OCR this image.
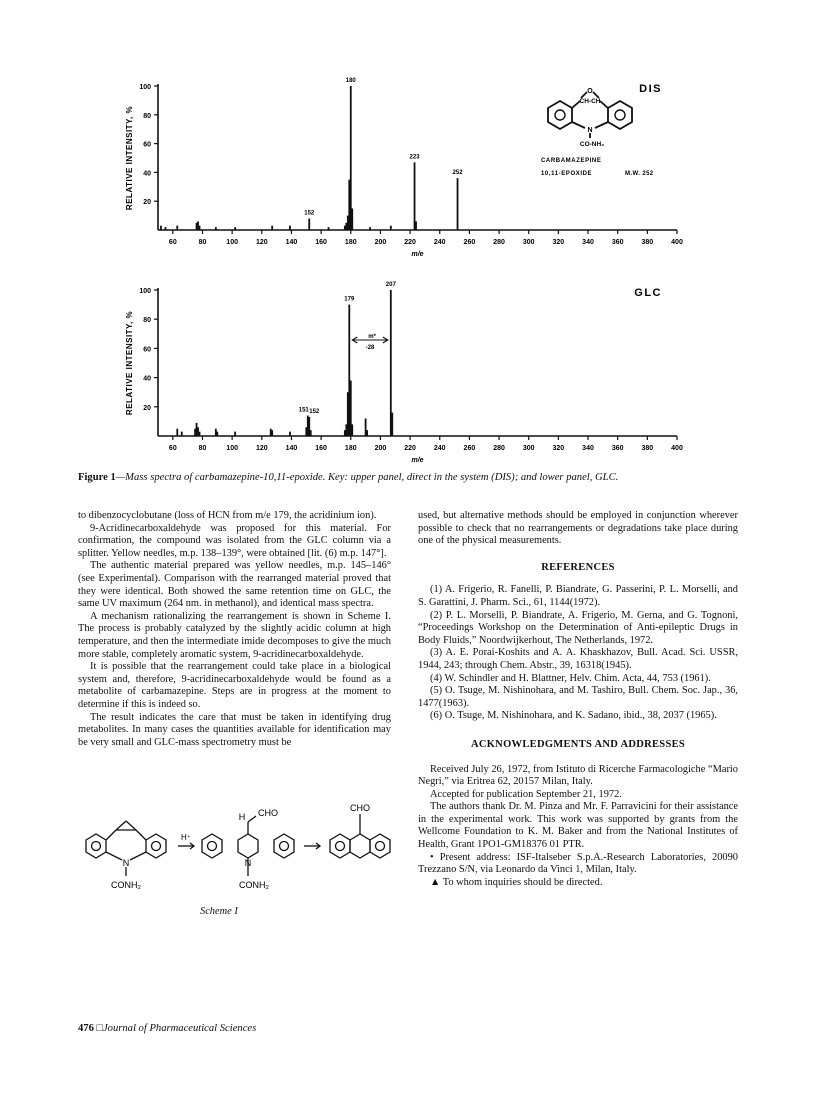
20
40
60
80
100
60	80	100	120	140	160	180	200	220	240	260	280	300	320	340	360	380	400
m/e
RELATIVE INTENSITY, %
DIS
152
180
223
252
20
40
60
80
100
60	80	100	120	140	160	180	200	220	240	260	280	300	320	340	360	380	400
m/e
RELATIVE INTENSITY, %
GLC
151 152
179
207
m*
-28
O
CH-CH
N
CO-NH₂
CARBAMAZEPINE
10,11-EPOXIDE	M.W. 252
Figure 1—Mass spectra of carbamazepine-10,11-epoxide. Key: upper panel, direct in the system (DIS); and lower panel, GLC.

to dibenzocyclobutane (loss of HCN from m/e 179, the acridinium ion).

9-Acridinecarboxaldehyde was proposed for this material. For confirmation, the compound was isolated from the GLC column via a splitter. Yellow needles, m.p. 138–139°, were obtained [lit. (6) m.p. 147°].

The authentic material prepared was yellow needles, m.p. 145–146° (see Experimental). Comparison with the rearranged material proved that they were identical. Both showed the same retention time on GLC, the same UV maximum (264 nm. in methanol), and identical mass spectra.

A mechanism rationalizing the rearrangement is shown in Scheme I. The process is probably catalyzed by the slightly acidic column at high temperature, and then the intermediate imide decomposes to give the much more stable, completely aromatic system, 9-acridinecarboxaldehyde.

It is possible that the rearrangement could take place in a biological system and, therefore, 9-acridinecarboxaldehyde would be found as a metabolite of carbamazepine. Steps are in progress at the moment to determine if this is indeed so.

The result indicates the care that must be taken in identifying drug metabolites. In many cases the quantities available for identification may be very small and GLC-mass spectrometry must be

N
CONH₂
H⁺
H CHO
N
CONH₂
CHO
Scheme I

used, but alternative methods should be employed in conjunction wherever possible to check that no rearrangements or degradations take place during one of the physical measurements.

REFERENCES

(1) A. Frigerio, R. Fanelli, P. Biandrate, G. Passerini, P. L. Morselli, and S. Garattini, J. Pharm. Sci., 61, 1144(1972).

(2) P. L. Morselli, P. Biandrate, A. Frigerio, M. Gerna, and G. Tognoni, “Proceedings Workshop on the Determination of Anti-epileptic Drugs in Body Fluids,” Noordwijkerhout, The Netherlands, 1972.

(3) A. E. Porai-Koshits and A. A. Khaskhazov, Bull. Acad. Sci. USSR, 1944, 243; through Chem. Abstr., 39, 16318(1945).

(4) W. Schindler and H. Blattner, Helv. Chim. Acta, 44, 753 (1961).

(5) O. Tsuge, M. Nishinohara, and M. Tashiro, Bull. Chem. Soc. Jap., 36, 1477(1963).

(6) O. Tsuge, M. Nishinohara, and K. Sadano, ibid., 38, 2037 (1965).

ACKNOWLEDGMENTS AND ADDRESSES

Received July 26, 1972, from Istituto di Ricerche Farmacologiche “Mario Negri,” via Eritrea 62, 20157 Milan, Italy.

Accepted for publication September 21, 1972.

The authors thank Dr. M. Pinza and Mr. F. Parravicini for their assistance in the experimental work. This work was supported by grants from the Wellcome Foundation to K. M. Baker and from the National Institutes of Health, Grant 1PO1-GM18376 01 PTR.

• Present address: ISF-Italseber S.p.A.-Research Laboratories, 20090 Trezzano S/N, via Leonardo da Vinci 1, Milan, Italy.

▲ To whom inquiries should be directed.

476 □Journal of Pharmaceutical Sciences
